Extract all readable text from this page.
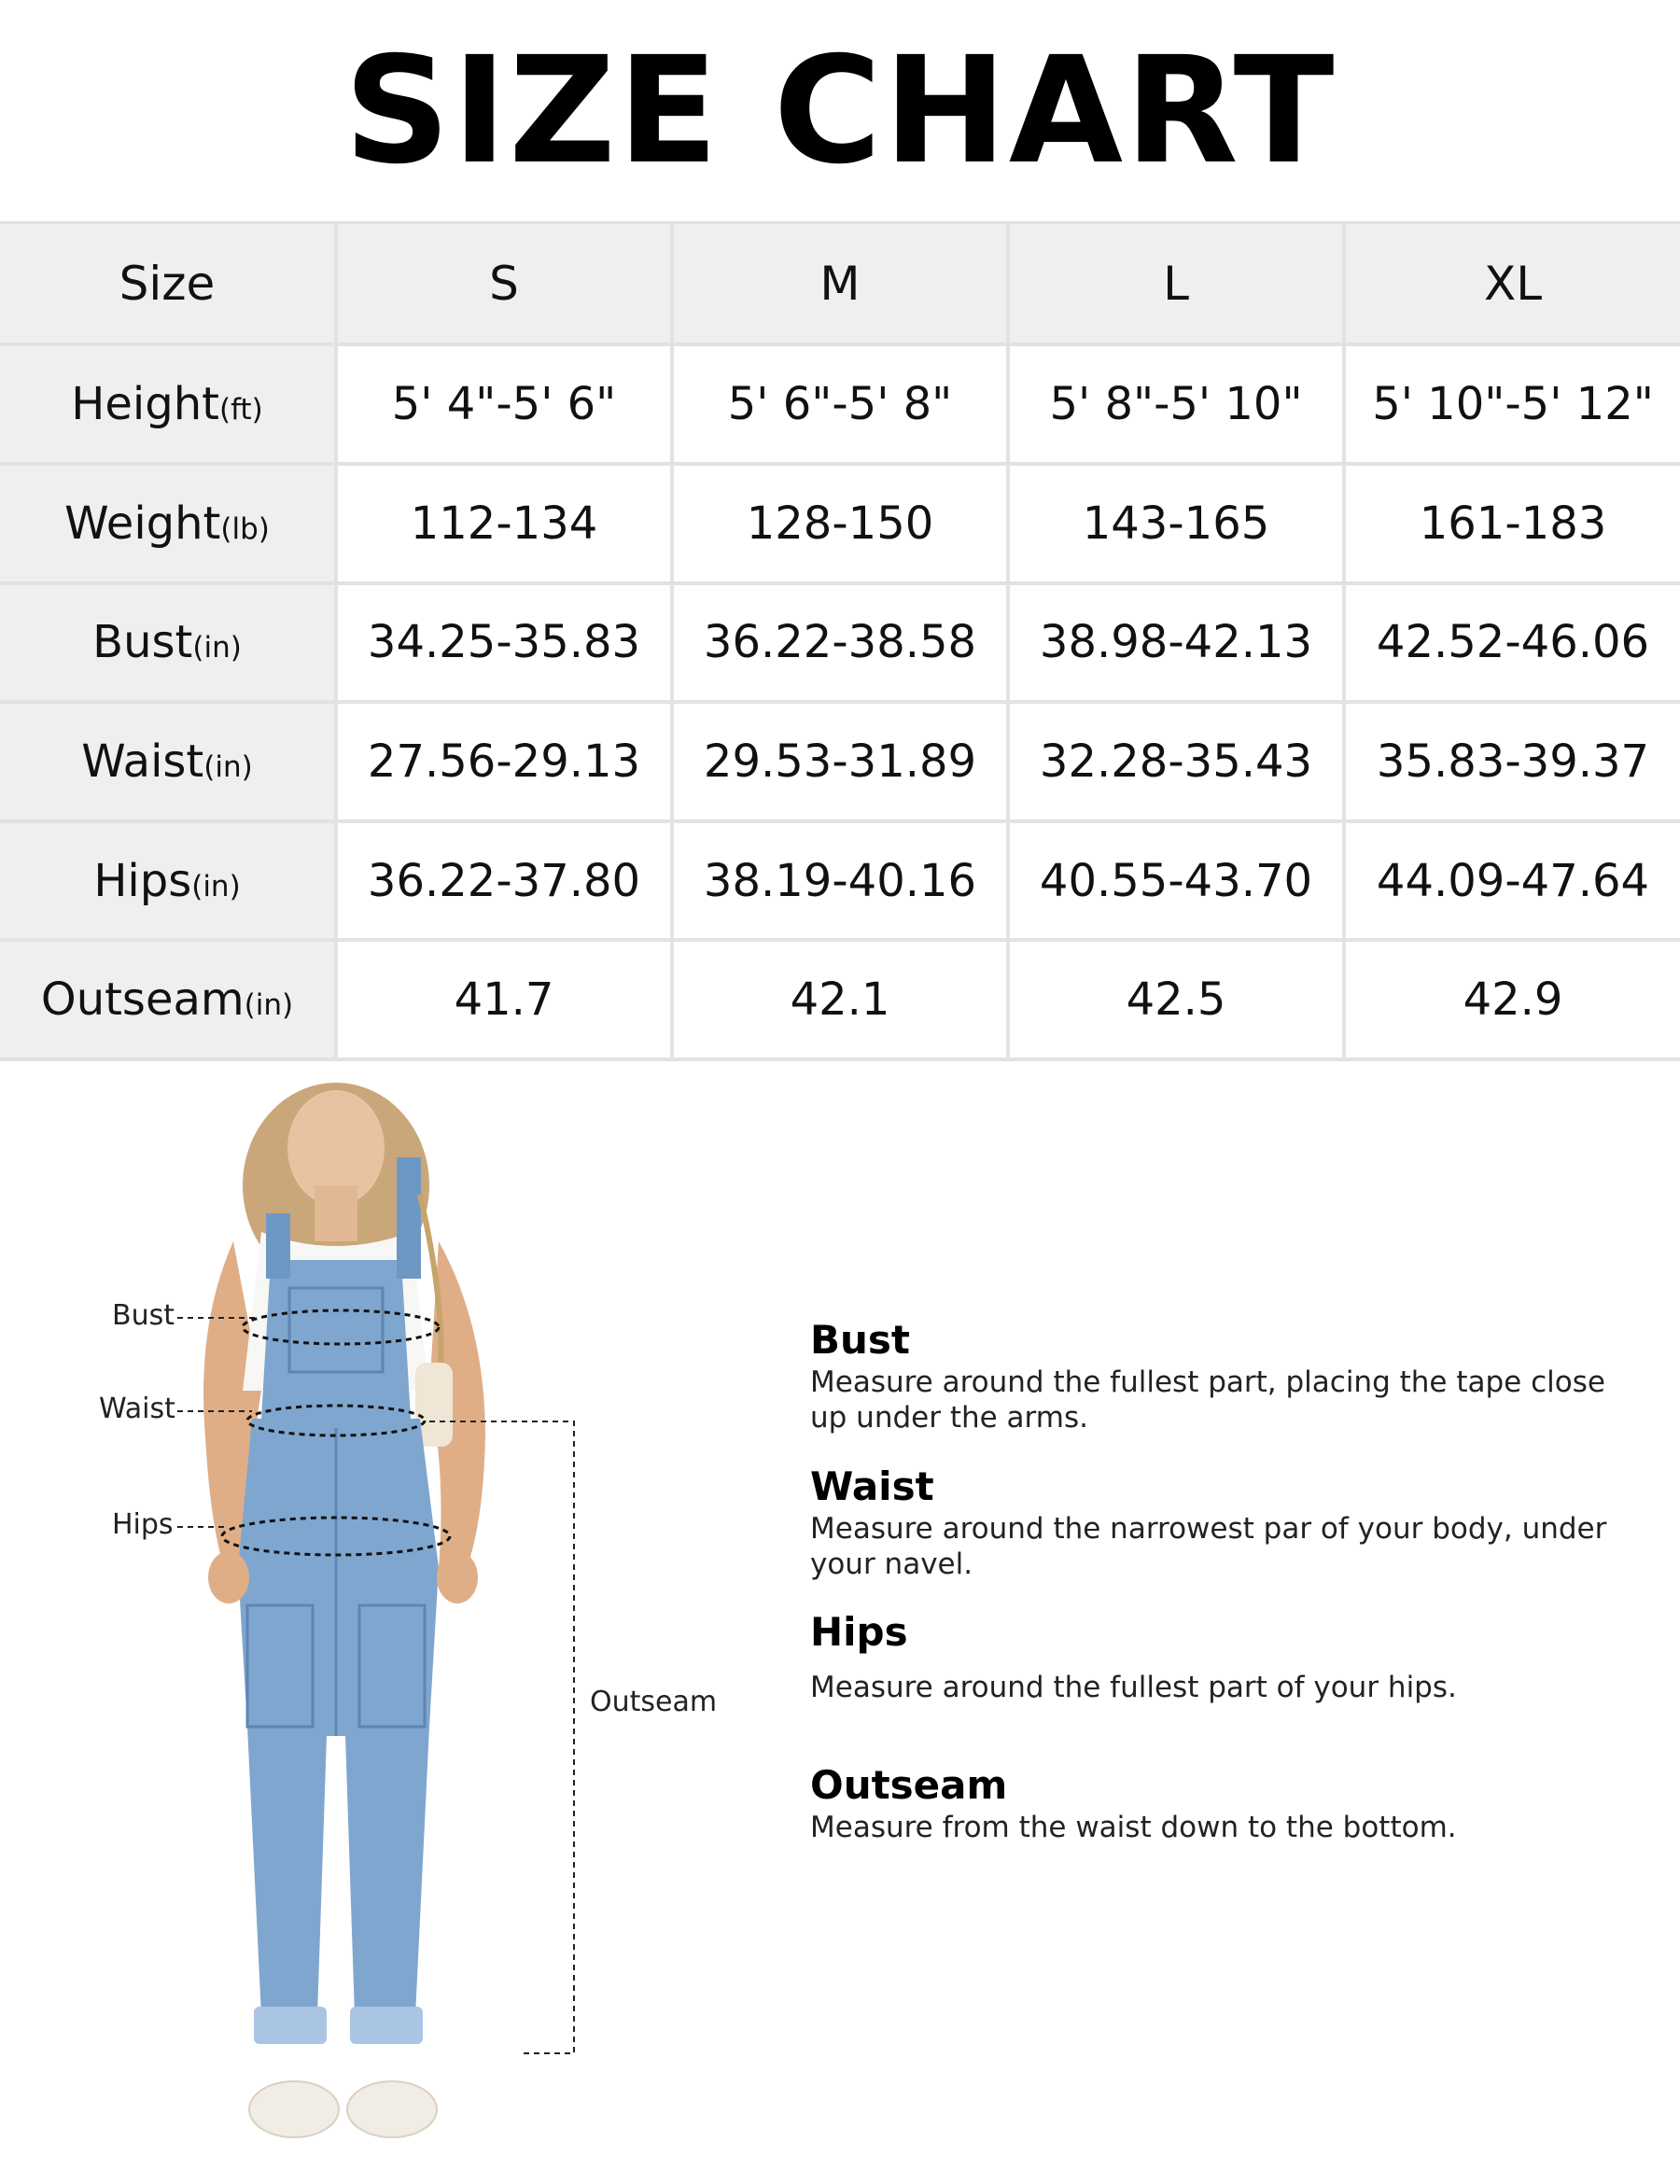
SIZE CHART
Size	S	M	L	XL
Height(ft)	5' 4"-5' 6"	5' 6"-5' 8"	5' 8"-5' 10"	5' 10"-5' 12"
Weight(lb)	112-134	128-150	143-165	161-183
Bust(in)	34.25-35.83	36.22-38.58	38.98-42.13	42.52-46.06
Waist(in)	27.56-29.13	29.53-31.89	32.28-35.43	35.83-39.37
Hips(in)	36.22-37.80	38.19-40.16	40.55-43.70	44.09-47.64
Outseam(in)	41.7	42.1	42.5	42.9
Bust
Waist
Hips
Outseam
Bust

Measure around the fullest part, placing the tape close up under the arms.

Waist

Measure around the narrowest par of your body, under your navel.

Hips

Measure around the fullest part of your hips.

Outseam

Measure from the waist down to the bottom.
